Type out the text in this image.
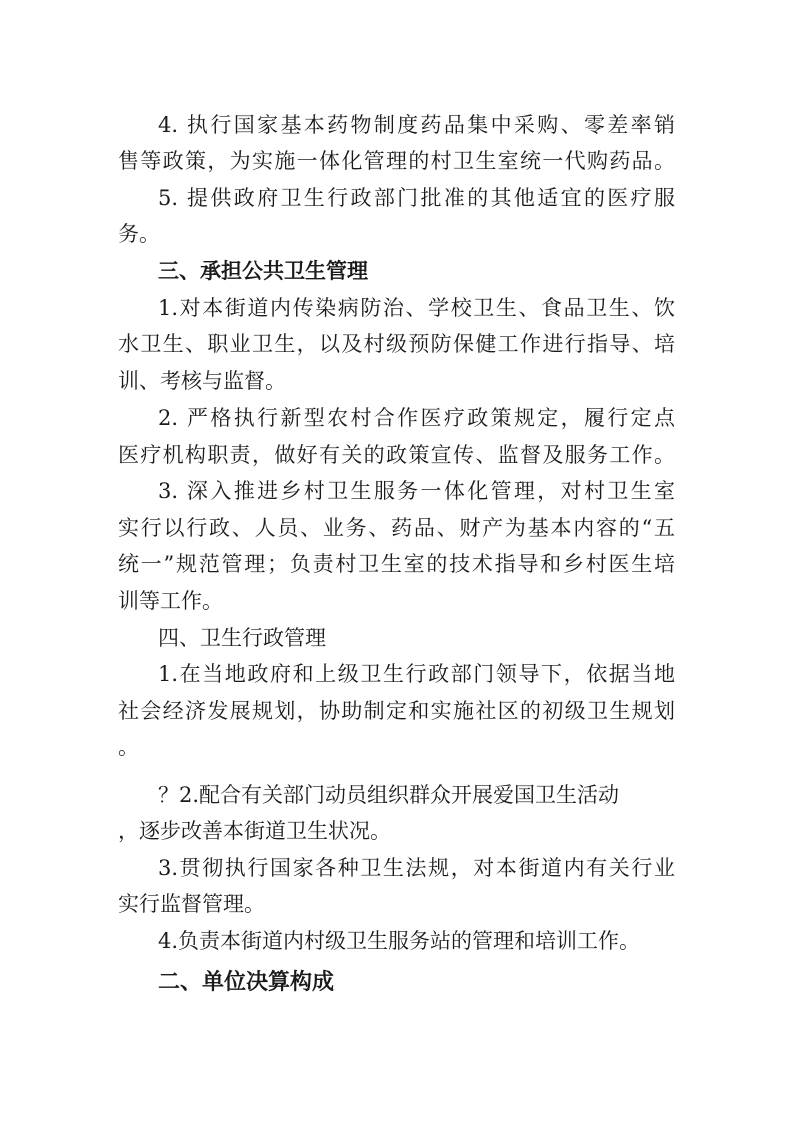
4. 执行国家基本药物制度药品集中采购、零差率销
售等政策，为实施一体化管理的村卫生室统一代购药品。
5. 提供政府卫生行政部门批准的其他适宜的医疗服
务。
三、承担公共卫生管理
1.对本街道内传染病防治、学校卫生、食品卫生、饮
水卫生、职业卫生，以及村级预防保健工作进行指导、培
训、考核与监督。
2. 严格执行新型农村合作医疗政策规定，履行定点
医疗机构职责，做好有关的政策宣传、监督及服务工作。
3. 深入推进乡村卫生服务一体化管理，对村卫生室
实行以行政、人员、业务、药品、财产为基本内容的“五
统一”规范管理；负责村卫生室的技术指导和乡村医生培
训等工作。
四、卫生行政管理
1.在当地政府和上级卫生行政部门领导下，依据当地
社会经济发展规划，协助制定和实施社区的初级卫生规划
。
？2.配合有关部门动员组织群众开展爱国卫生活动
，逐步改善本街道卫生状况。
3.贯彻执行国家各种卫生法规，对本街道内有关行业
实行监督管理。
4.负责本街道内村级卫生服务站的管理和培训工作。
二、单位决算构成
